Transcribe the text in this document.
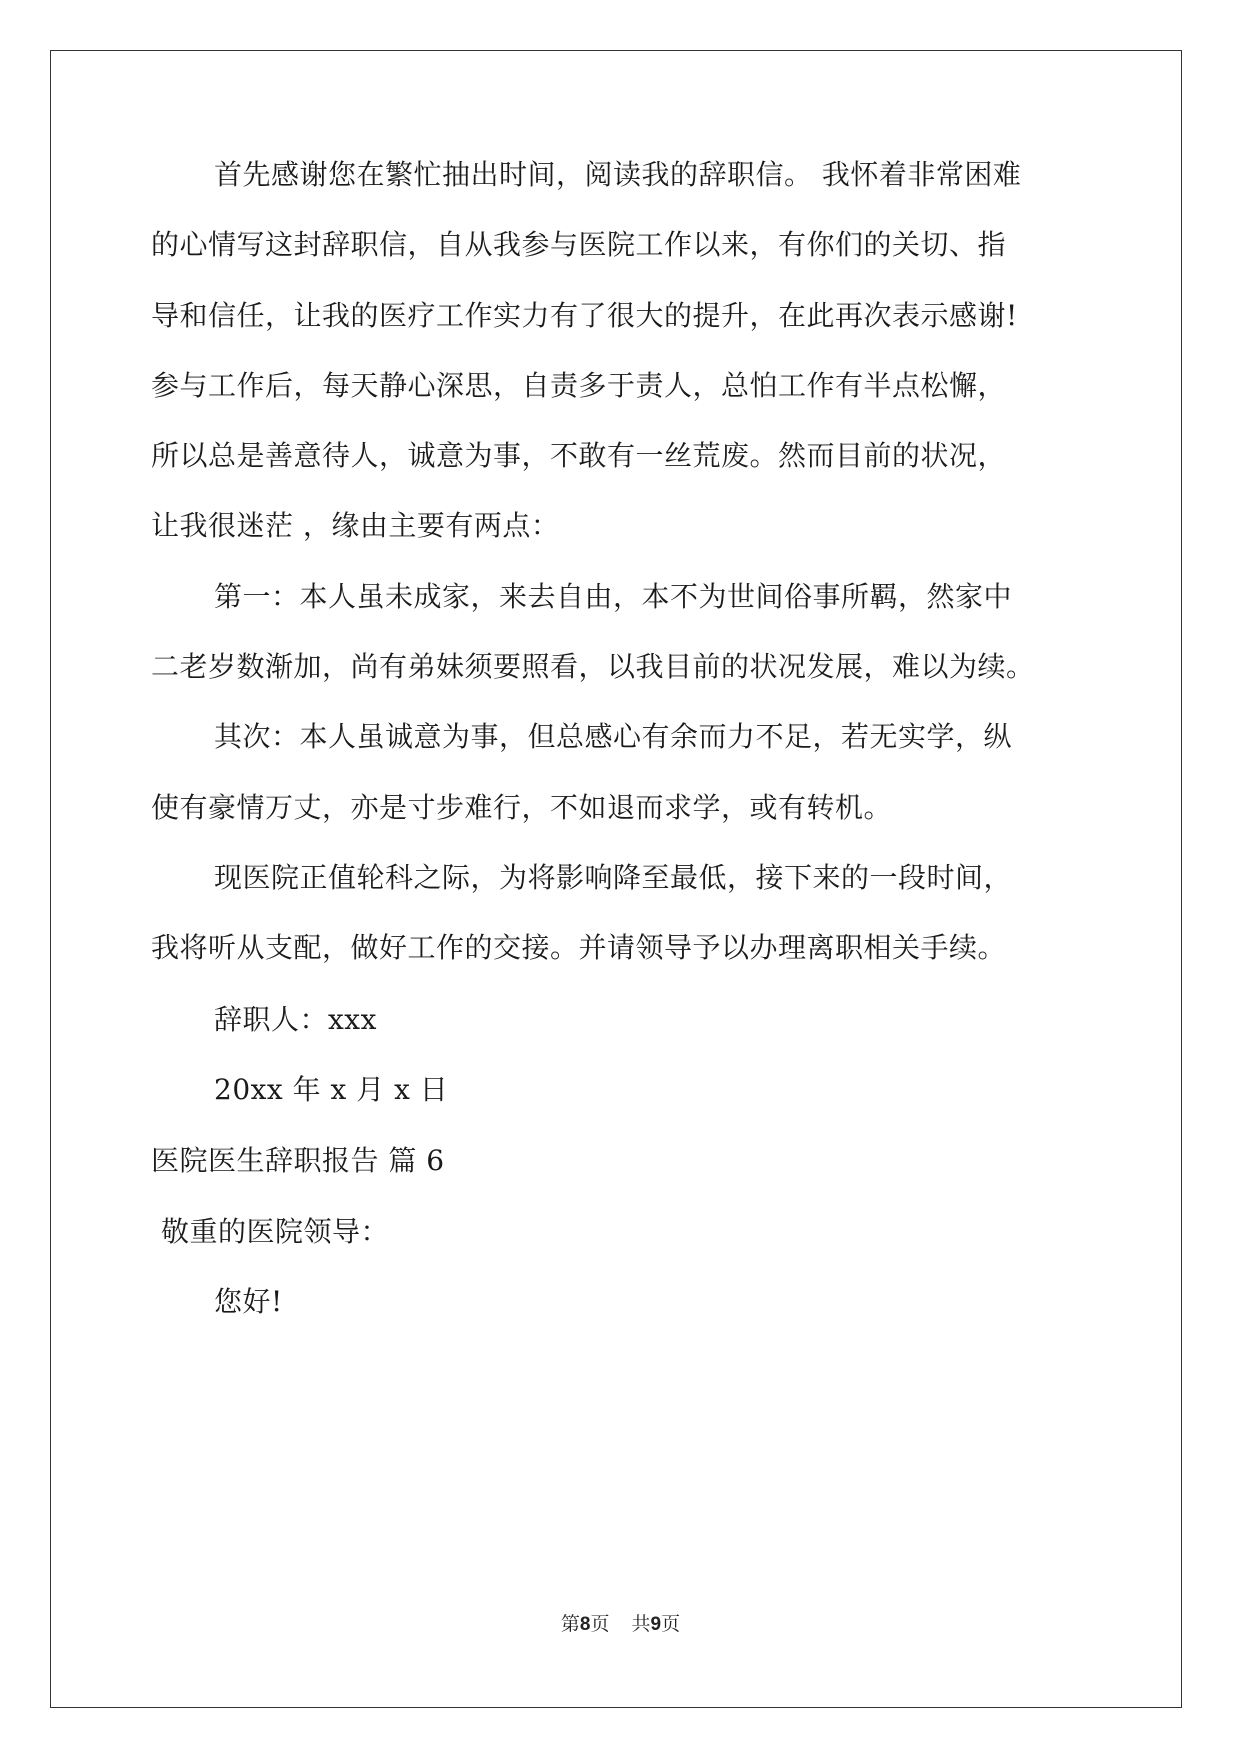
首先感谢您在繁忙抽出时间，阅读我的辞职信。 我怀着非常困难
的心情写这封辞职信，自从我参与医院工作以来，有你们的关切、指
导和信任，让我的医疗工作实力有了很大的提升，在此再次表示感谢!
参与工作后，每天静心深思，自责多于责人，总怕工作有半点松懈，
所以总是善意待人，诚意为事，不敢有一丝荒废。然而目前的状况，
让我很迷茫 ，缘由主要有两点：
第一：本人虽未成家，来去自由，本不为世间俗事所羁，然家中
二老岁数渐加，尚有弟妹须要照看，以我目前的状况发展，难以为续。
其次：本人虽诚意为事，但总感心有余而力不足，若无实学，纵
使有豪情万丈，亦是寸步难行，不如退而求学，或有转机。
现医院正值轮科之际，为将影响降至最低，接下来的一段时间，
我将听从支配，做好工作的交接。并请领导予以办理离职相关手续。
辞职人：xxx
20xx 年 x 月 x 日
医院医生辞职报告 篇 6
敬重的医院领导：
您好!
第8页 共9页
